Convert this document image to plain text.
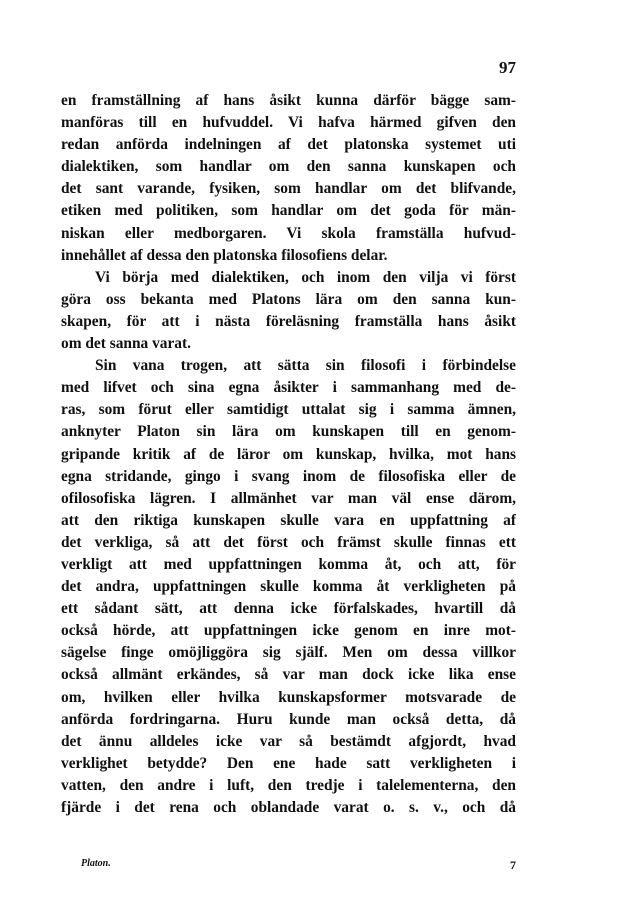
97
en framställning af hans åsikt kunna därför bägge sam-
manföras till en hufvuddel. Vi hafva härmed gifven den
redan anförda indelningen af det platonska systemet uti
dialektiken, som handlar om den sanna kunskapen och
det sant varande, fysiken, som handlar om det blifvande,
etiken med politiken, som handlar om det goda för män-
niskan eller medborgaren. Vi skola framställa hufvud-
innehållet af dessa den platonska filosofiens delar.
Vi börja med dialektiken, och inom den vilja vi först
göra oss bekanta med Platons lära om den sanna kun-
skapen, för att i nästa föreläsning framställa hans åsikt
om det sanna varat.
Sin vana trogen, att sätta sin filosofi i förbindelse
med lifvet och sina egna åsikter i sammanhang med de-
ras, som förut eller samtidigt uttalat sig i samma ämnen,
anknyter Platon sin lära om kunskapen till en genom-
gripande kritik af de läror om kunskap, hvilka, mot hans
egna stridande, gingo i svang inom de filosofiska eller de
ofilosofiska lägren. I allmänhet var man väl ense därom,
att den riktiga kunskapen skulle vara en uppfattning af
det verkliga, så att det först och främst skulle finnas ett
verkligt att med uppfattningen komma åt, och att, för
det andra, uppfattningen skulle komma åt verkligheten på
ett sådant sätt, att denna icke förfalskades, hvartill då
också hörde, att uppfattningen icke genom en inre mot-
sägelse finge omöjliggöra sig själf. Men om dessa villkor
också allmänt erkändes, så var man dock icke lika ense
om, hvilken eller hvilka kunskapsformer motsvarade de
anförda fordringarna. Huru kunde man också detta, då
det ännu alldeles icke var så bestämdt afgjordt, hvad
verklighet betydde? Den ene hade satt verkligheten i
vatten, den andre i luft, den tredje i talelementerna, den
fjärde i det rena och oblandade varat o. s. v., och då
Platon.	7
